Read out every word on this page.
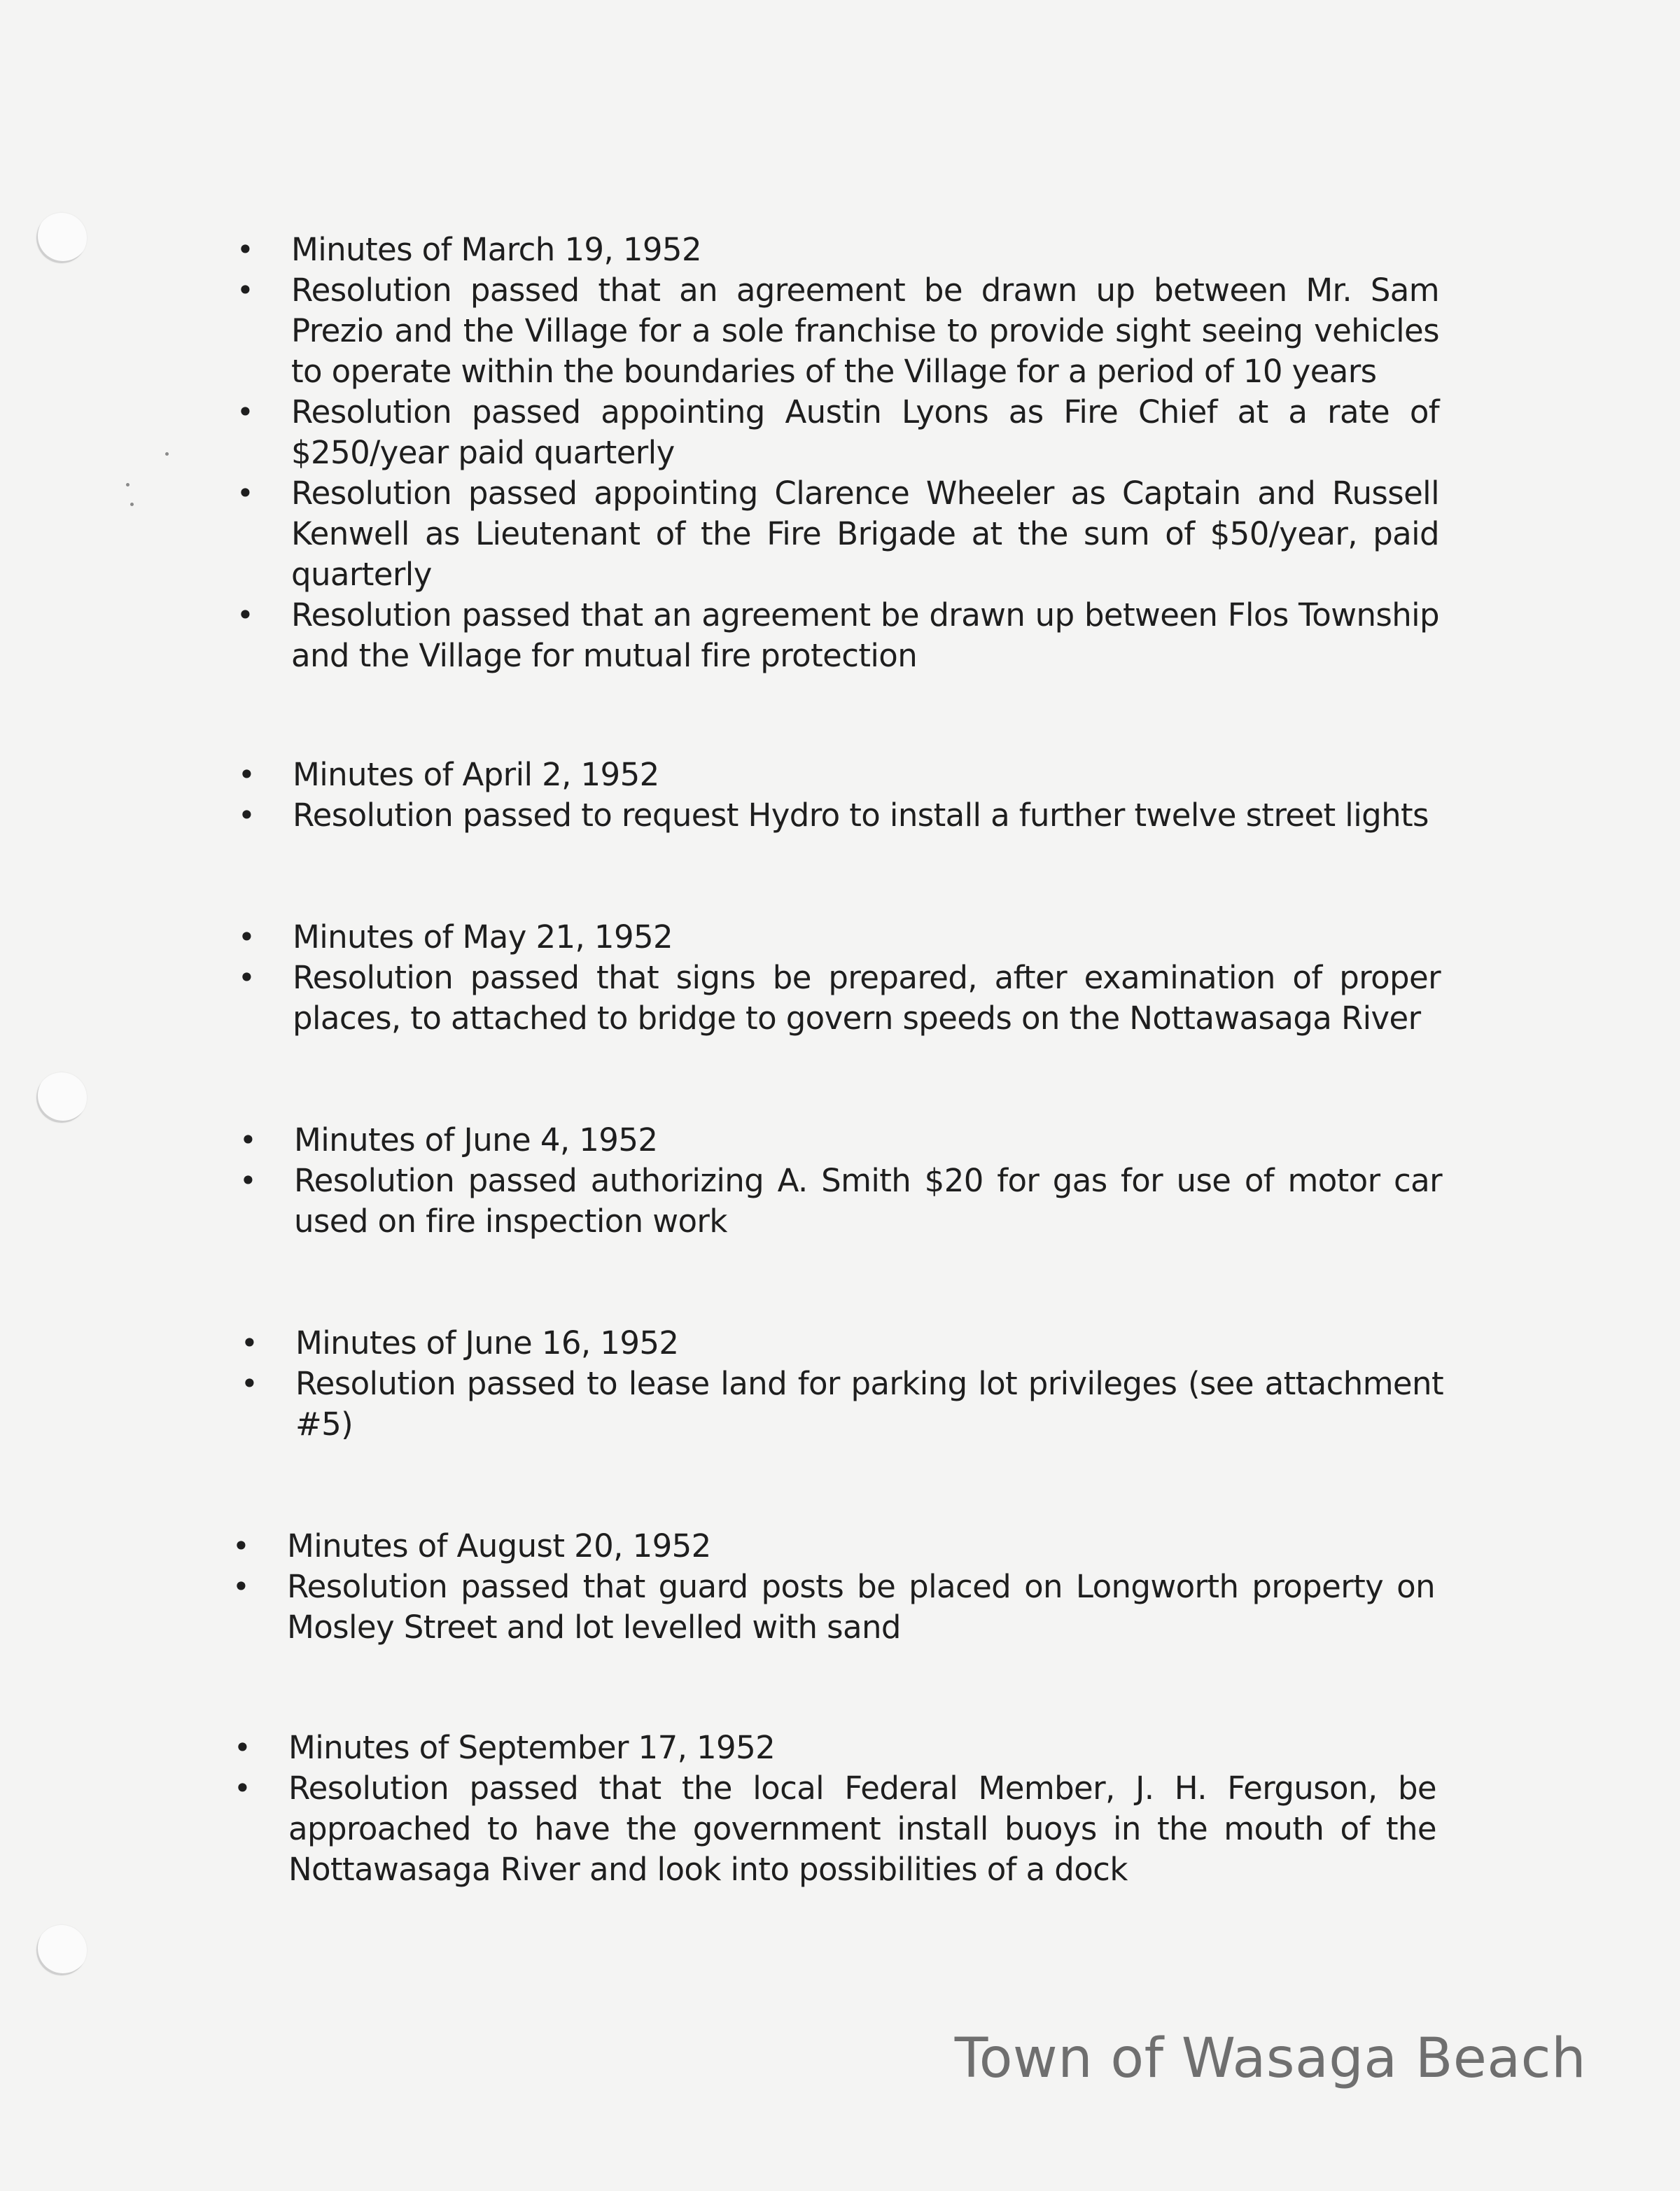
• Minutes of March 19, 1952
• Resolution passed that an agreement be drawn up between Mr. Sam Prezio and the Village for a sole franchise to provide sight seeing vehicles to operate within the boundaries of the Village for a period of 10 years
• Resolution passed appointing Austin Lyons as Fire Chief at a rate of $250/year paid quarterly
• Resolution passed appointing Clarence Wheeler as Captain and Russell Kenwell as Lieutenant of the Fire Brigade at the sum of $50/year, paid quarterly
• Resolution passed that an agreement be drawn up between Flos Township and the Village for mutual fire protection
• Minutes of April 2, 1952
• Resolution passed to request Hydro to install a further twelve street lights
• Minutes of May 21, 1952
• Resolution passed that signs be prepared, after examination of proper places, to attached to bridge to govern speeds on the Nottawasaga River
• Minutes of June 4, 1952
• Resolution passed authorizing A. Smith $20 for gas for use of motor car used on fire inspection work
• Minutes of June 16, 1952
• Resolution passed to lease land for parking lot privileges (see attachment #5)
• Minutes of August 20, 1952
• Resolution passed that guard posts be placed on Longworth property on Mosley Street and lot levelled with sand
• Minutes of September 17, 1952
• Resolution passed that the local Federal Member, J. H. Ferguson, be approached to have the government install buoys in the mouth of the Nottawasaga River and look into possibilities of a dock
Town of Wasaga Beach
